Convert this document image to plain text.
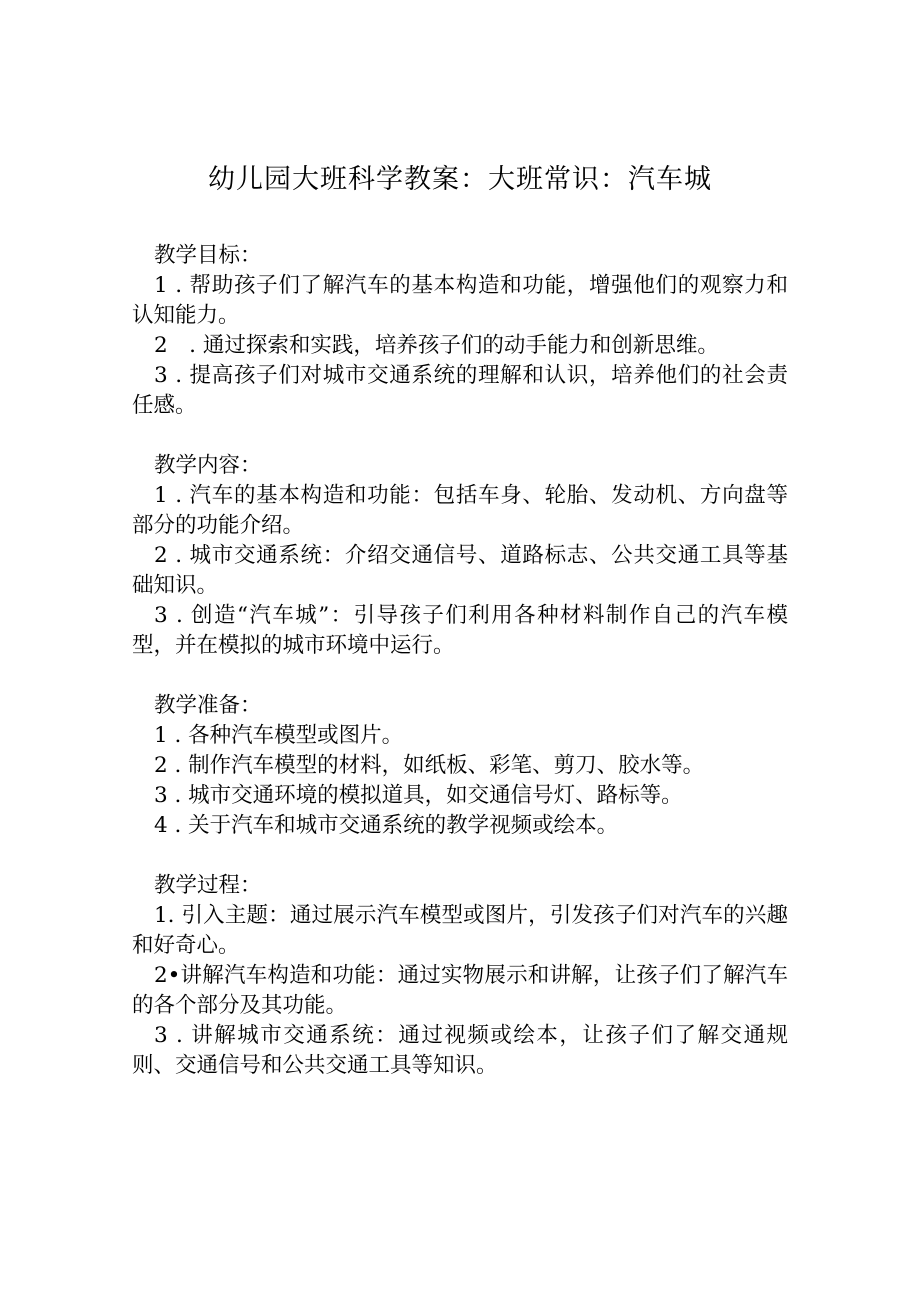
幼儿园大班科学教案：大班常识：汽车城
教学目标：
1 . 帮助孩子们了解汽车的基本构造和功能，增强他们的观察力和认知能力。
2　. 通过探索和实践，培养孩子们的动手能力和创新思维。
3 . 提高孩子们对城市交通系统的理解和认识，培养他们的社会责任感。
教学内容：
1 . 汽车的基本构造和功能：包括车身、轮胎、发动机、方向盘等部分的功能介绍。
2 . 城市交通系统：介绍交通信号、道路标志、公共交通工具等基础知识。
3 . 创造“汽车城”：引导孩子们利用各种材料制作自己的汽车模型，并在模拟的城市环境中运行。
教学准备：
1 . 各种汽车模型或图片。
2 . 制作汽车模型的材料，如纸板、彩笔、剪刀、胶水等。
3 . 城市交通环境的模拟道具，如交通信号灯、路标等。
4 . 关于汽车和城市交通系统的教学视频或绘本。
教学过程：
1. 引入主题：通过展示汽车模型或图片，引发孩子们对汽车的兴趣和好奇心。
2•讲解汽车构造和功能：通过实物展示和讲解，让孩子们了解汽车的各个部分及其功能。
3 . 讲解城市交通系统：通过视频或绘本，让孩子们了解交通规则、交通信号和公共交通工具等知识。
